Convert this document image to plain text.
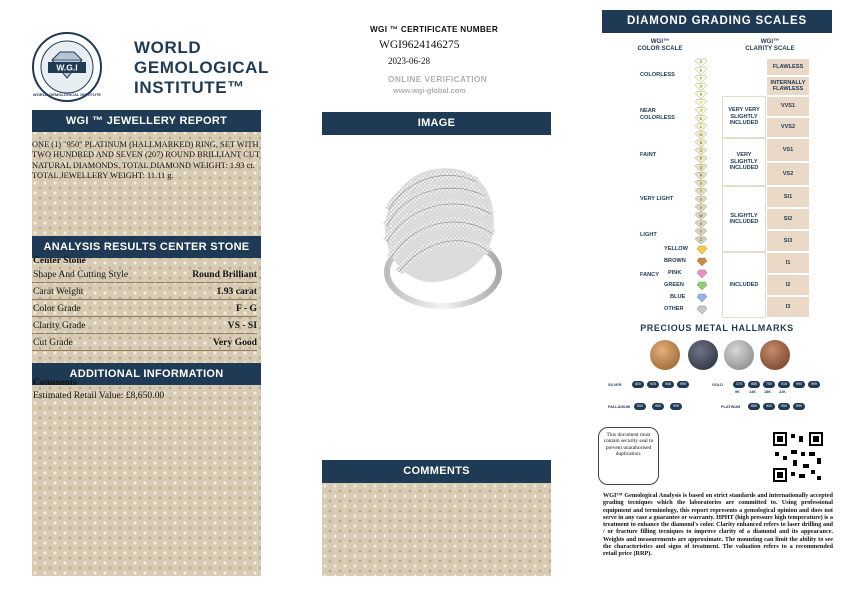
W.G.I
WORLD GEMOLOGICAL INSTITUTE
WORLD
GEMOLOGICAL
INSTITUTE™
WGI ™ JEWELLERY REPORT
ONE (1) "950" PLATINUM (HALLMARKED) RING, SET WITH TWO HUNDRED AND SEVEN (207) ROUND BRILLIANT CUT NATURAL DIAMONDS. TOTAL DIAMOND WEIGHT: 1.93 ct. TOTAL JEWELLERY WEIGHT: 11.11 g.
ANALYSIS RESULTS CENTER STONE
Center Stone
Shape And Cutting Style	Round Brilliant
Carat Weight	1.93 carat
Color Grade	F - G
Clarity Grade	VS - SI
Cut Grade	Very Good
ADDITIONAL INFORMATION
Comments
Estimated Retail Value: £8,650.00
WGI ™ CERTIFICATE NUMBER
WGI9624146275
2023-06-28
ONLINE VERIFICATION
www.wgi-global.com
IMAGE
COMMENTS
DIAMOND GRADING SCALES
WGI™
COLOR SCALE
WGI™
CLARITY SCALE
COLORLESS
NEAR
COLORLESS
FAINT
VERY LIGHT
LIGHT
FANCY
D
E
F
G
H
I
J
K
L
M
N
O
P
Q
R
S
T
U
V
W
X
Y
Z
YELLOW
BROWN
PINK
GREEN
BLUE
OTHER
FLAWLESS
INTERNALLY
FLAWLESS
VERY VERY
SLIGHTLY
INCLUDED
VVS1
VVS2
VERY
SLIGHTLY
INCLUDED
VS1
VS2
SLIGHTLY
INCLUDED
SI1
SI2
SI3
INCLUDED
I1
I2
I3
PRECIOUS METAL HALLMARKS
SILVER	800	925	958	999	GOLD	375	585	750	916	990	999
9K 14K 18K 22K
PALLADIUM	500	950	999	PLATINUM	850	900	950	999
This document must contain security seal to prevent unauthorised duplication.
WGI™ Gemological Analysis is based on strict standards and internationally accepted grading tecniques which the laboratories are committed to. Using professional equipment and terminology, this report represents a gemological opinion and does not serve in any case a guarantee or warranty. HPHT (high pressure high temperature) is a treatment to enhance the diamond's color. Clarity enhanced refers to laser drilling and / or fracture filling tecniques to improve clarity of a diamond and its appearance. Weights and measurements are approximate. The mounting can limit the ability to see the characteristics and signs of treatment. The valuation refers to a recommended retail price (RRP).
